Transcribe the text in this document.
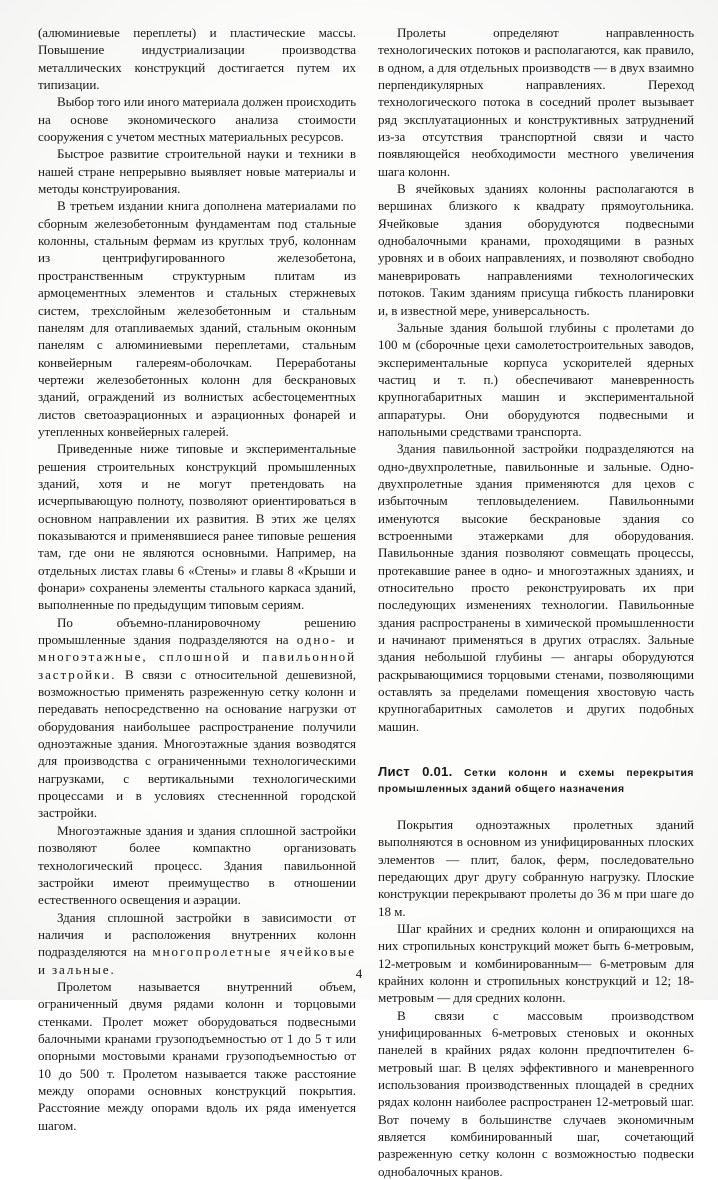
(алюминиевые переплеты) и пластические массы. Повышение индустриализации производства металлических конструкций достигается путем их типизации.

Выбор того или иного материала должен происходить на основе экономического анализа стоимости сооружения с учетом местных материальных ресурсов.

Быстрое развитие строительной науки и техники в нашей стране непрерывно выявляет новые материалы и методы конструирования.

В третьем издании книга дополнена материалами по сборным железобетонным фундаментам под стальные колонны, стальным фермам из круглых труб, колоннам из центрифугированного железобетона, пространственным структурным плитам из армоцементных элементов и стальных стержневых систем, трехслойным железобетонным и стальным панелям для отапливаемых зданий, стальным оконным панелям с алюминиевыми переплетами, стальным конвейерным галереям-оболочкам. Переработаны чертежи железобетонных колонн для бескрановых зданий, ограждений из волнистых асбестоцементных листов светоаэрационных и аэрационных фонарей и утепленных конвейерных галерей.

Приведенные ниже типовые и экспериментальные решения строительных конструкций промышленных зданий, хотя и не могут претендовать на исчерпывающую полноту, позволяют ориентироваться в основном направлении их развития. В этих же целях показываются и применявшиеся ранее типовые решения там, где они не являются основными. Например, на отдельных листах главы 6 «Стены» и главы 8 «Крыши и фонари» сохранены элементы стального каркаса зданий, выполненные по предыдущим типовым сериям.

По объемно-планировочному решению промышленные здания подразделяются на одно- и многоэтажные, сплошной и павильонной застройки. В связи с относительной дешевизной, возможностью применять разреженную сетку колонн и передавать непосредственно на основание нагрузки от оборудования наибольшее распространение получили одноэтажные здания. Многоэтажные здания возводятся для производства с ограниченными технологическими нагрузками, с вертикальными технологическими процессами и в условиях стесненнной городской застройки.

Многоэтажные здания и здания сплошной застройки позволяют более компактно организовать технологический процесс. Здания павильонной застройки имеют преимущество в отношении естественного освещения и аэрации.

Здания сплошной застройки в зависимости от наличия и расположения внутренних колонн подразделяются на многопролетные ячейковые и зальные.

Пролетом называется внутренний объем, ограниченный двумя рядами колонн и торцовыми стенками. Пролет может оборудоваться подвесными балочными кранами грузоподъемностью от 1 до 5 т или опорными мостовыми кранами грузоподъемностью от 10 до 500 т. Пролетом называется также расстояние между опорами основных конструкций покрытия. Расстояние между опорами вдоль их ряда именуется шагом.

Пролеты определяют направленность технологических потоков и располагаются, как правило, в одном, а для отдельных производств — в двух взаимно перпендикулярных направлениях. Переход технологического потока в соседний пролет вызывает ряд эксплуатационных и конструктивных затруднений из-за отсутствия транспортной связи и часто появляющейся необходимости местного увеличения шага колонн.

В ячейковых зданиях колонны располагаются в вершинах близкого к квадрату прямоугольника. Ячейковые здания оборудуются подвесными однобалочными кранами, проходящими в разных уровнях и в обоих направлениях, и позволяют свободно маневрировать направлениями технологических потоков. Таким зданиям присуща гибкость планировки и, в известной мере, универсальность.

Зальные здания большой глубины с пролетами до 100 м (сборочные цехи самолетостроительных заводов, экспериментальные корпуса ускорителей ядерных частиц и т. п.) обеспечивают маневренность крупногабаритных машин и экспериментальной аппаратуры. Они оборудуются подвесными и напольными средствами транспорта.

Здания павильонной застройки подразделяются на одно-двухпролетные, павильонные и зальные. Одно-двухпролетные здания применяются для цехов с избыточным тепловыделением. Павильонными именуются высокие бескрановые здания со встроенными этажерками для оборудования. Павильонные здания позволяют совмещать процессы, протекавшие ранее в одно- и многоэтажных зданиях, и относительно просто реконструировать их при последующих изменениях технологии. Павильонные здания распространены в химической промышленности и начинают применяться в других отраслях. Зальные здания небольшой глубины — ангары оборудуются раскрывающимися торцовыми стенами, позволяющими оставлять за пределами помещения хвостовую часть крупногабаритных самолетов и других подобных машин.

Лист 0.01. Сетки колонн и схемы перекрытия промышленных зданий общего назначения

Покрытия одноэтажных пролетных зданий выполняются в основном из унифицированных плоских элементов — плит, балок, ферм, последовательно передающих друг другу собранную нагрузку. Плоские конструкции перекрывают пролеты до 36 м при шаге до 18 м.

Шаг крайних и средних колонн и опирающихся на них стропильных конструкций может быть 6-метровым, 12-метровым и комбинированным— 6-метровым для крайних колонн и стропильных конструкций и 12; 18-метровым — для средних колонн.

В связи с массовым производством унифицированных 6-метровых стеновых и оконных панелей в крайних рядах колонн предпочтителен 6-метровый шаг. В целях эффективного и маневренного использования производственных площадей в средних рядах колонн наиболее распространен 12-метровый шаг. Вот почему в большинстве случаев экономичным является комбинированный шаг, сочетающий разреженную сетку колонн с возможностью подвески однобалочных кранов.

4
